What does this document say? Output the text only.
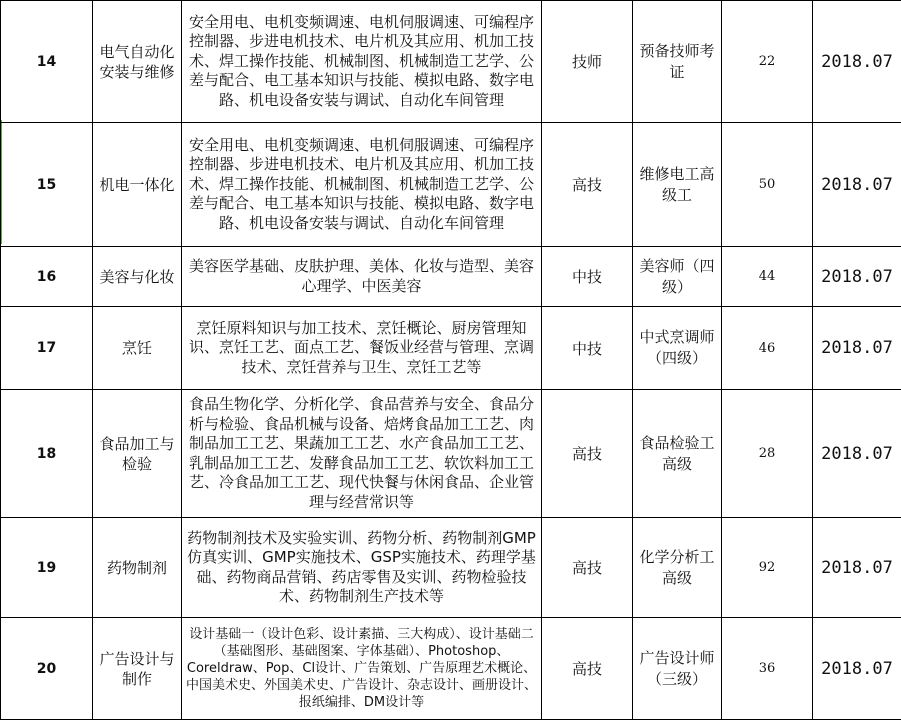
14	电气自动化安装与维修	安全用电、电机变频调速、电机伺服调速、可编程序控制器、步进电机技术、电片机及其应用、机加工技术、焊工操作技能、机械制图、机械制造工艺学、公差与配合、电工基本知识与技能、模拟电路、数字电路、机电设备安装与调试、自动化车间管理	技师	预备技师考证	22	2018.07
15	机电一体化	安全用电、电机变频调速、电机伺服调速、可编程序控制器、步进电机技术、电片机及其应用、机加工技术、焊工操作技能、机械制图、机械制造工艺学、公差与配合、电工基本知识与技能、模拟电路、数字电路、机电设备安装与调试、自动化车间管理	高技	维修电工高级工	50	2018.07
16	美容与化妆	美容医学基础、皮肤护理、美体、化妆与造型、美容心理学、中医美容	中技	美容师（四级）	44	2018.07
17	烹饪	烹饪原料知识与加工技术、烹饪概论、厨房管理知识、烹饪工艺、面点工艺、餐饭业经营与管理、烹调技术、烹饪营养与卫生、烹饪工艺等	中技	中式烹调师（四级）	46	2018.07
18	食品加工与检验	食品生物化学、分析化学、食品营养与安全、食品分析与检验、食品机械与设备、焙烤食品加工工艺、肉制品加工工艺、果蔬加工工艺、水产食品加工工艺、乳制品加工工艺、发酵食品加工工艺、软饮料加工工艺、冷食品加工工艺、现代快餐与休闲食品、企业管理与经营常识等	高技	食品检验工高级	28	2018.07
19	药物制剂	药物制剂技术及实验实训、药物分析、药物制剂GMP仿真实训、GMP实施技术、GSP实施技术、药理学基础、药物商品营销、药店零售及实训、药物检验技术、药物制剂生产技术等	高技	化学分析工高级	92	2018.07
20	广告设计与制作	设计基础一（设计色彩、设计素描、三大构成）、设计基础二（基础图形、基础图案、字体基础）、Photoshop、Coreldraw、Pop、Cl设计、广告策划、广告原理艺术概论、中国美术史、外国美术史、广告设计、杂志设计、画册设计、报纸编排、DM设计等	高技	广告设计师（三级）	36	2018.07
